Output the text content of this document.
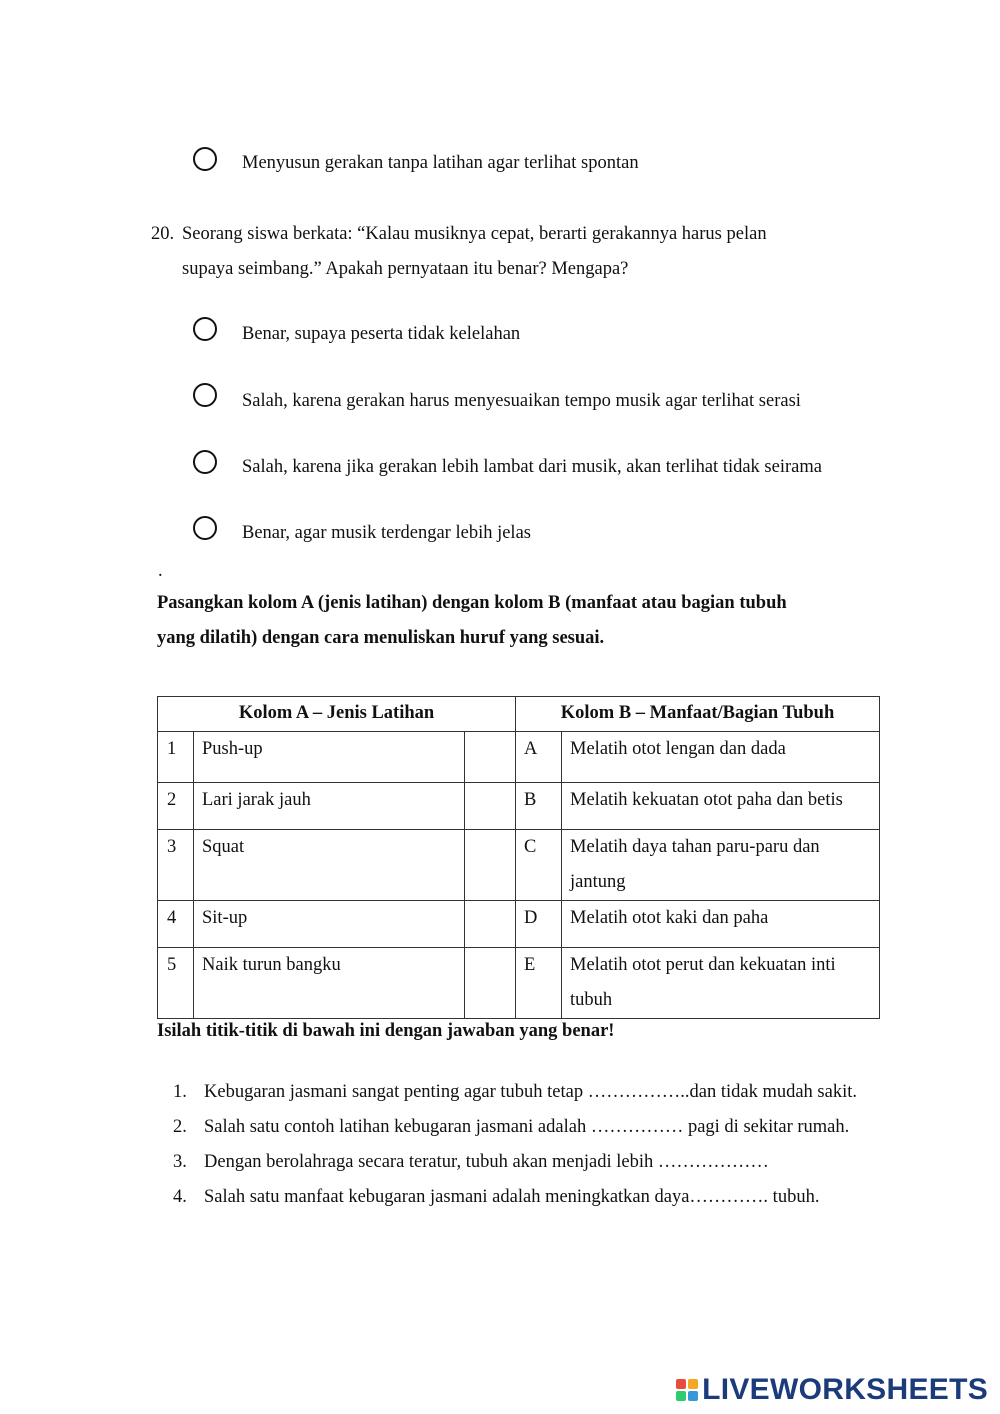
Menyusun gerakan tanpa latihan agar terlihat spontan
20. Seorang siswa berkata: “Kalau musiknya cepat, berarti gerakannya harus pelan
supaya seimbang.” Apakah pernyataan itu benar? Mengapa?
Benar, supaya peserta tidak kelelahan
Salah, karena gerakan harus menyesuaikan tempo musik agar terlihat serasi
Salah, karena jika gerakan lebih lambat dari musik, akan terlihat tidak seirama
Benar, agar musik terdengar lebih jelas
.
Pasangkan kolom A (jenis latihan) dengan kolom B (manfaat atau bagian tubuh
yang dilatih) dengan cara menuliskan huruf yang sesuai.
Kolom A – Jenis Latihan			Kolom B – Manfaat/Bagian Tubuh	
1	Push-up		A	Melatih otot lengan dan dada
2	Lari jarak jauh		B	Melatih kekuatan otot paha dan betis
3	Squat		C	Melatih daya tahan paru-paru dan jantung
4	Sit-up		D	Melatih otot kaki dan paha
5	Naik turun bangku		E	Melatih otot perut dan kekuatan inti tubuh
Isilah titik-titik di bawah ini dengan jawaban yang benar!
1. Kebugaran jasmani sangat penting agar tubuh tetap ……………..dan tidak mudah sakit.
2. Salah satu contoh latihan kebugaran jasmani adalah …………… pagi di sekitar rumah.
3. Dengan berolahraga secara teratur, tubuh akan menjadi lebih ………………
4. Salah satu manfaat kebugaran jasmani adalah meningkatkan daya…………. tubuh.
LIVEWORKSHEETS
